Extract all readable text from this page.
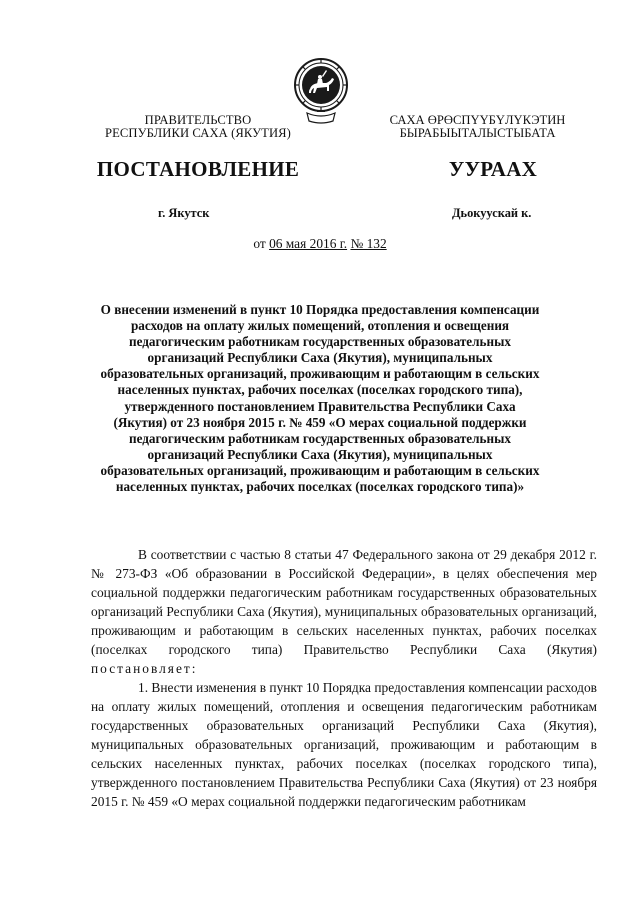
ПРАВИТЕЛЬСТВО
РЕСПУБЛИКИ САХА (ЯКУТИЯ)
САХА ӨРӨСПYYБYЛYКЭТИН
БЫРАБЫЫТАЛЫСТЫБАТА
ПОСТАНОВЛЕНИЕ	УУРААХ
г. Якутск	Дьокуускай к.
от 06 мая 2016 г. № 132
О внесении изменений в пункт 10 Порядка предоставления компенсации
расходов на оплату жилых помещений, отопления и освещения
педагогическим работникам государственных образовательных
организаций Республики Саха (Якутия), муниципальных
образовательных организаций, проживающим и работающим в сельских
населенных пунктах, рабочих поселках (поселках городского типа),
утвержденного постановлением Правительства Республики Саха
(Якутия) от 23 ноября 2015 г. № 459 «О мерах социальной поддержки
педагогическим работникам государственных образовательных
организаций Республики Саха (Якутия), муниципальных
образовательных организаций, проживающим и работающим в сельских
населенных пунктах, рабочих поселках (поселках городского типа)»

В соответствии с частью 8 статьи 47 Федерального закона от 29 декабря 2012 г. № 273-ФЗ «Об образовании в Российской Федерации», в целях обеспечения мер социальной поддержки педагогическим работникам государственных образовательных организаций Республики Саха (Якутия), муниципальных образовательных организаций, проживающим и работающим в сельских населенных пунктах, рабочих поселках (поселках городского типа) Правительство Республики Саха (Якутия) постановляет:

1. Внести изменения в пункт 10 Порядка предоставления компенсации расходов на оплату жилых помещений, отопления и освещения педагогическим работникам государственных образовательных организаций Республики Саха (Якутия), муниципальных образовательных организаций, проживающим и работающим в сельских населенных пунктах, рабочих поселках (поселках городского типа), утвержденного постановлением Правительства Республики Саха (Якутия) от 23 ноября 2015 г. № 459 «О мерах социальной поддержки педагогическим работникам
